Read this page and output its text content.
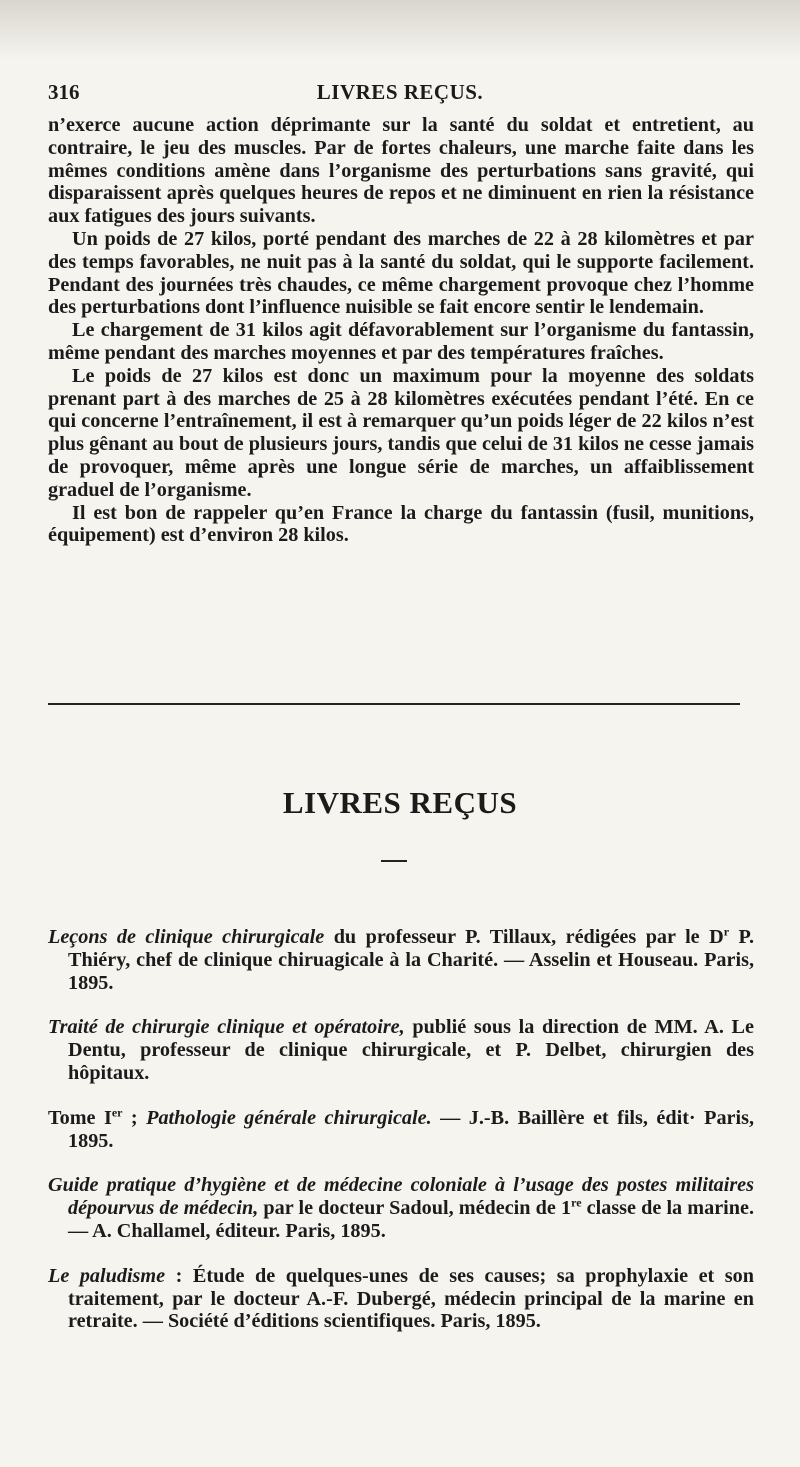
316	LIVRES REÇUS.

n’exerce aucune action déprimante sur la santé du soldat et entretient, au contraire, le jeu des muscles. Par de fortes chaleurs, une marche faite dans les mêmes conditions amène dans l’organisme des perturbations sans gravité, qui disparaissent après quelques heures de repos et ne diminuent en rien la résistance aux fatigues des jours suivants.

Un poids de 27 kilos, porté pendant des marches de 22 à 28 kilomètres et par des temps favorables, ne nuit pas à la santé du soldat, qui le supporte facilement. Pendant des journées très chaudes, ce même chargement provoque chez l’homme des perturbations dont l’influence nuisible se fait encore sentir le lendemain.

Le chargement de 31 kilos agit défavorablement sur l’organisme du fantassin, même pendant des marches moyennes et par des températures fraîches.

Le poids de 27 kilos est donc un maximum pour la moyenne des soldats prenant part à des marches de 25 à 28 kilomètres exécutées pendant l’été. En ce qui concerne l’entraînement, il est à remarquer qu’un poids léger de 22 kilos n’est plus gênant au bout de plusieurs jours, tandis que celui de 31 kilos ne cesse jamais de provoquer, même après une longue série de marches, un affaiblissement graduel de l’organisme.

Il est bon de rappeler qu’en France la charge du fantassin (fusil, munitions, équipement) est d’environ 28 kilos.

LIVRES REÇUS

Leçons de clinique chirurgicale du professeur P. Tillaux, rédigées par le $D^r$ P. Thiéry, chef de clinique chiruagicale à la Charité. — Asselin et Houseau. Paris, 1895.

Traité de chirurgie clinique et opératoire, publié sous la direction de MM. A. Le Dentu, professeur de clinique chirurgicale, et P. Delbet, chirurgien des hôpitaux.

Tome Ier ; Pathologie générale chirurgicale. — J.-B. Baillère et fils, édit· Paris, 1895.

Guide pratique d’hygiène et de médecine coloniale à l’usage des postes militaires dépourvus de médecin, par le docteur Sadoul, médecin de 1re classe de la marine. — A. Challamel, éditeur. Paris, 1895.

Le paludisme : Étude de quelques-unes de ses causes; sa prophylaxie et son traitement, par le docteur A.-F. Dubergé, médecin principal de la marine en retraite. — Société d’éditions scientifiques. Paris, 1895.
